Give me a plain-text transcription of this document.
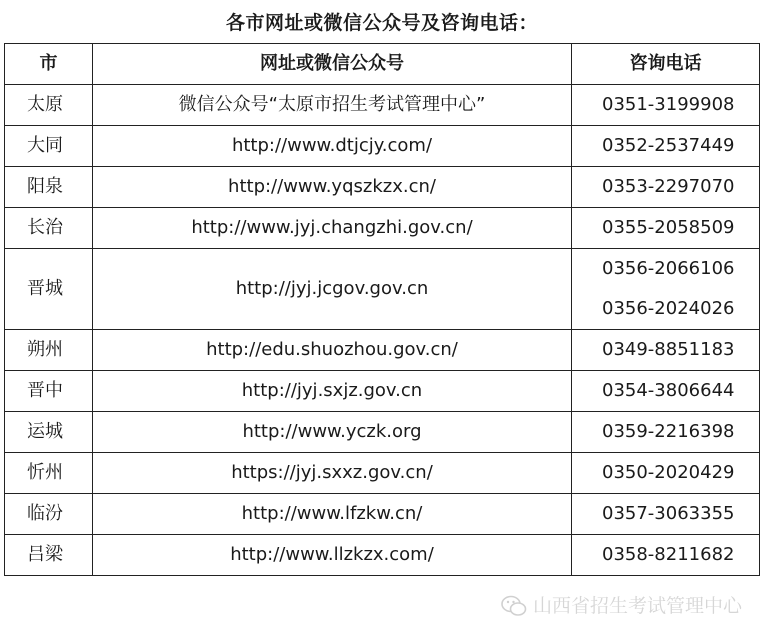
各市网址或微信公众号及咨询电话：
市	网址或微信公众号	咨询电话
太原	微信公众号“太原市招生考试管理中心”	0351-3199908

大同	http://www.dtjcjy.com/	0352-2537449

阳泉	http://www.yqszkzx.cn/	0353-2297070

长治	http://www.jyj.changzhi.gov.cn/	0355-2058509

晋城	http://jyj.jcgov.gov.cn	0356-2066106
0356-2024026

朔州	http://edu.shuozhou.gov.cn/	0349-8851183

晋中	http://jyj.sxjz.gov.cn	0354-3806644

运城	http://www.yczk.org	0359-2216398

忻州	https://jyj.sxxz.gov.cn/	0350-2020429

临汾	http://www.lfzkw.cn/	0357-3063355

吕梁	http://www.llzkzx.com/	0358-8211682
山西省招生考试管理中心
